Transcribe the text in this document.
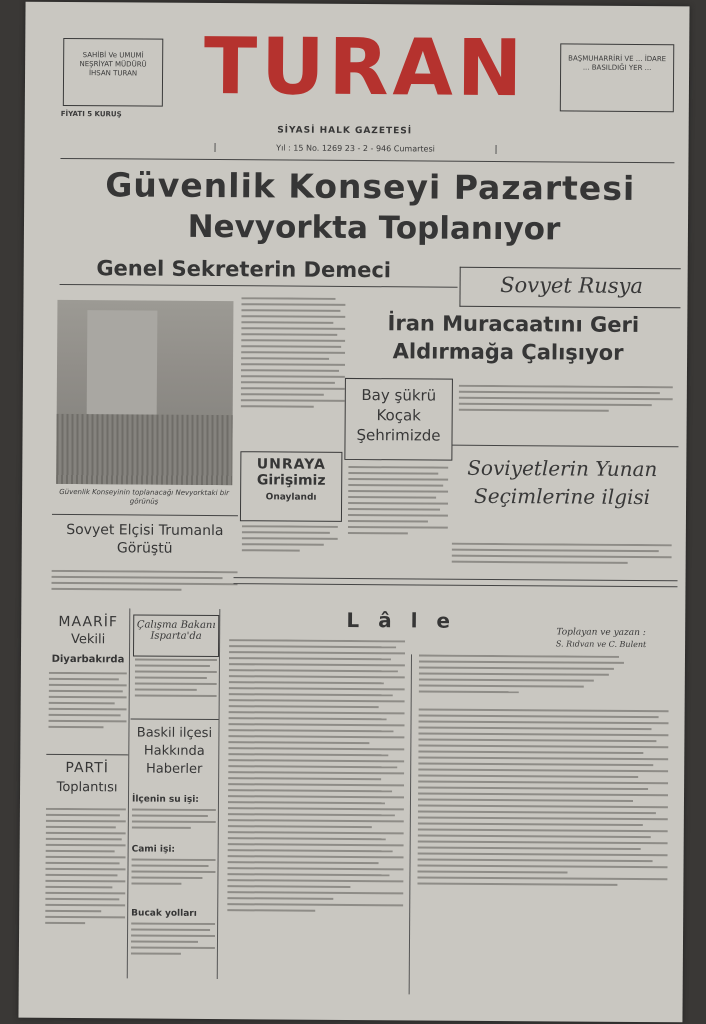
SAHİBİ Ve UMUMİ NEŞRİYAT MÜDÜRÜ İHSAN TURAN
FİYATI 5 KURUŞ	TURAN	BAŞMUHARRİRİ VE ... İDARE ... BASILDIĞI YER ...
SİYASİ HALK GAZETESİ
Yıl : 15 No. 1269 23 - 2 - 946 Cumartesi
Güvenlik Konseyi Pazartesi
Nevyorkta Toplanıyor
Genel Sekreterin Demeci
Güvenlik Konseyinin toplanacağı Nevyorktaki bir görünüş
Sovyet Rusya
İran Muracaatını Geri
Aldırmağa Çalışıyor
Bay şükrü
Koçak
Şehrimizde
UNRAYA
Girişimiz
Onaylandı
Soviyetlerin Yunan
Seçimlerine ilgisi
Sovyet Elçisi Trumanla
Görüştü
L â l e
Toplayan ve yazan :
S. Rıdvan ve C. Bulent
MAARİF
Vekili
Diyarbakırda
Çalışma Bakanı
Isparta'da
Baskil ilçesi
Hakkında
Haberler
İlçenin su işi:
Cami işi:
Bucak yolları
PARTİ
Toplantısı
